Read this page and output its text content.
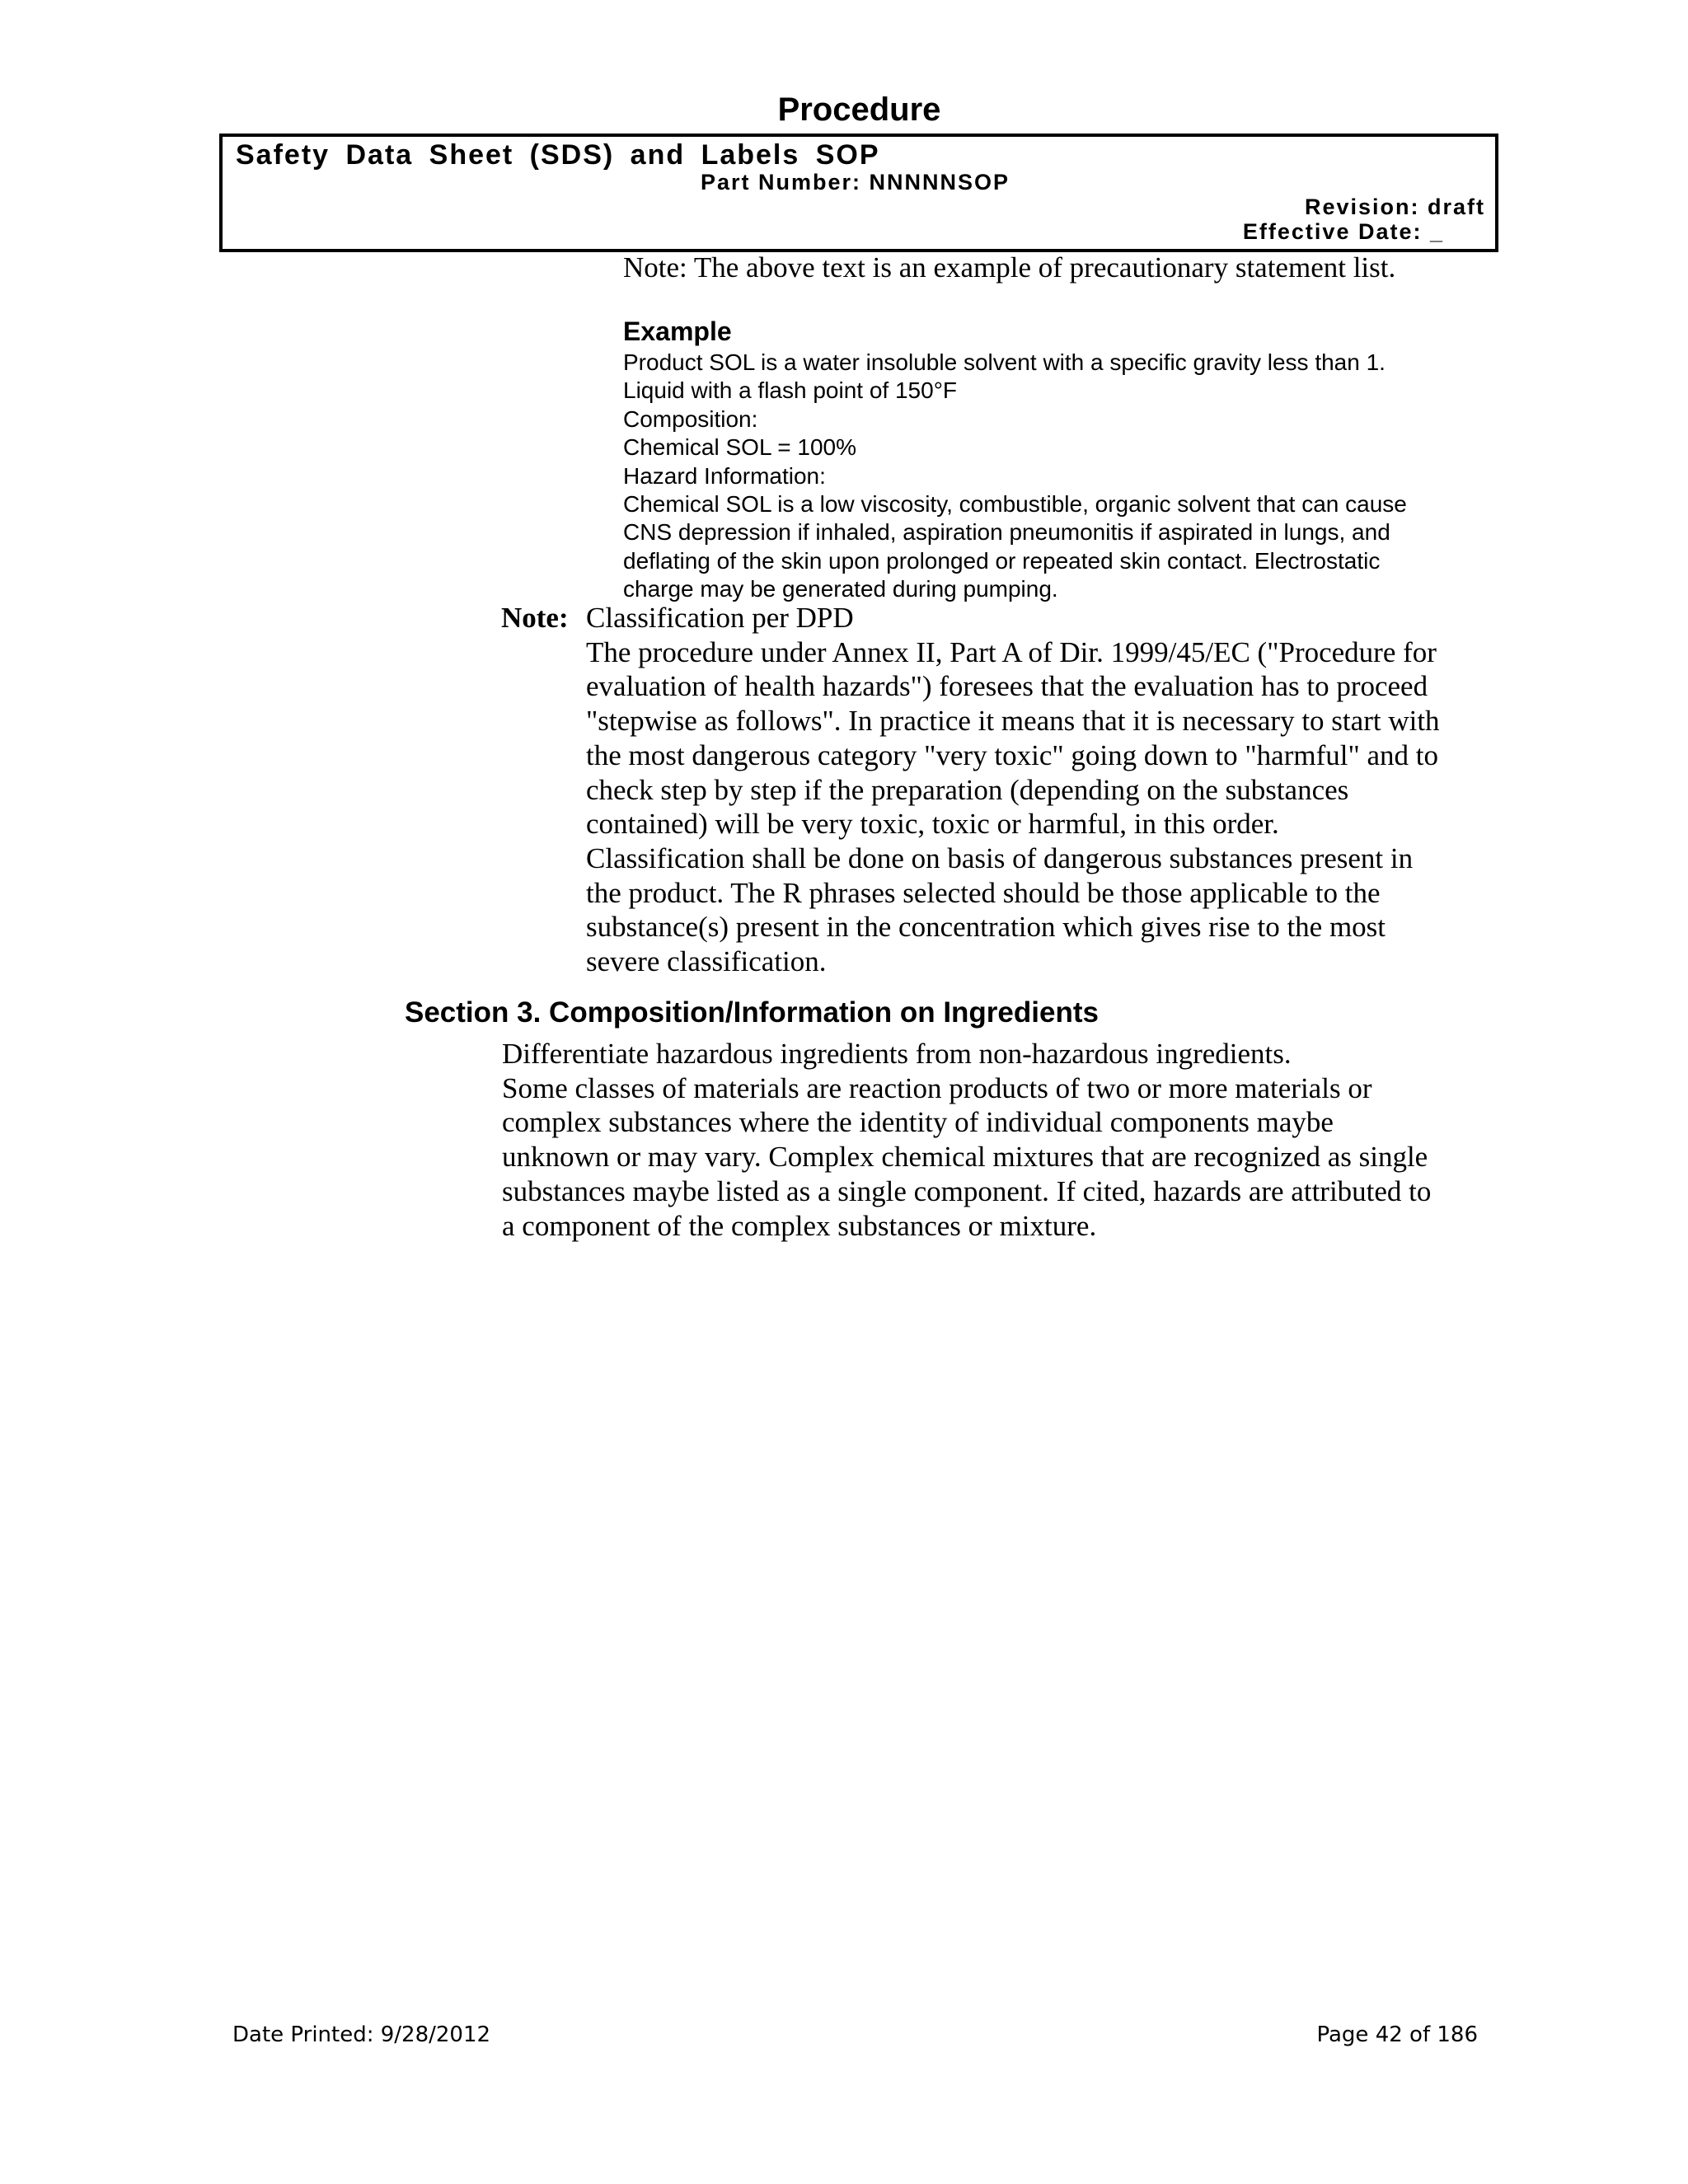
Procedure
Safety Data Sheet (SDS) and Labels SOP
Part Number: NNNNNSOP
Revision: draft
Effective Date: _

Note: The above text is an example of precautionary statement list.

Example
Product SOL is a water insoluble solvent with a specific gravity less than 1.
Liquid with a flash point of 150°F
Composition:
Chemical SOL = 100%
Hazard Information:
Chemical SOL is a low viscosity, combustible, organic solvent that can cause
CNS depression if inhaled, aspiration pneumonitis if aspirated in lungs, and
deflating of the skin upon prolonged or repeated skin contact. Electrostatic
charge may be generated during pumping.
Note: Classification per DPD
The procedure under Annex II, Part A of Dir. 1999/45/EC ("Procedure for
evaluation of health hazards") foresees that the evaluation has to proceed
"stepwise as follows". In practice it means that it is necessary to start with
the most dangerous category "very toxic" going down to "harmful" and to
check step by step if the preparation (depending on the substances
contained) will be very toxic, toxic or harmful, in this order.
Classification shall be done on basis of dangerous substances present in
the product. The R phrases selected should be those applicable to the
substance(s) present in the concentration which gives rise to the most
severe classification.
Section 3. Composition/Information on Ingredients
Differentiate hazardous ingredients from non-hazardous ingredients.
Some classes of materials are reaction products of two or more materials or
complex substances where the identity of individual components maybe
unknown or may vary. Complex chemical mixtures that are recognized as single
substances maybe listed as a single component. If cited, hazards are attributed to
a component of the complex substances or mixture.
Date Printed: 9/28/2012	Page 42 of 186
